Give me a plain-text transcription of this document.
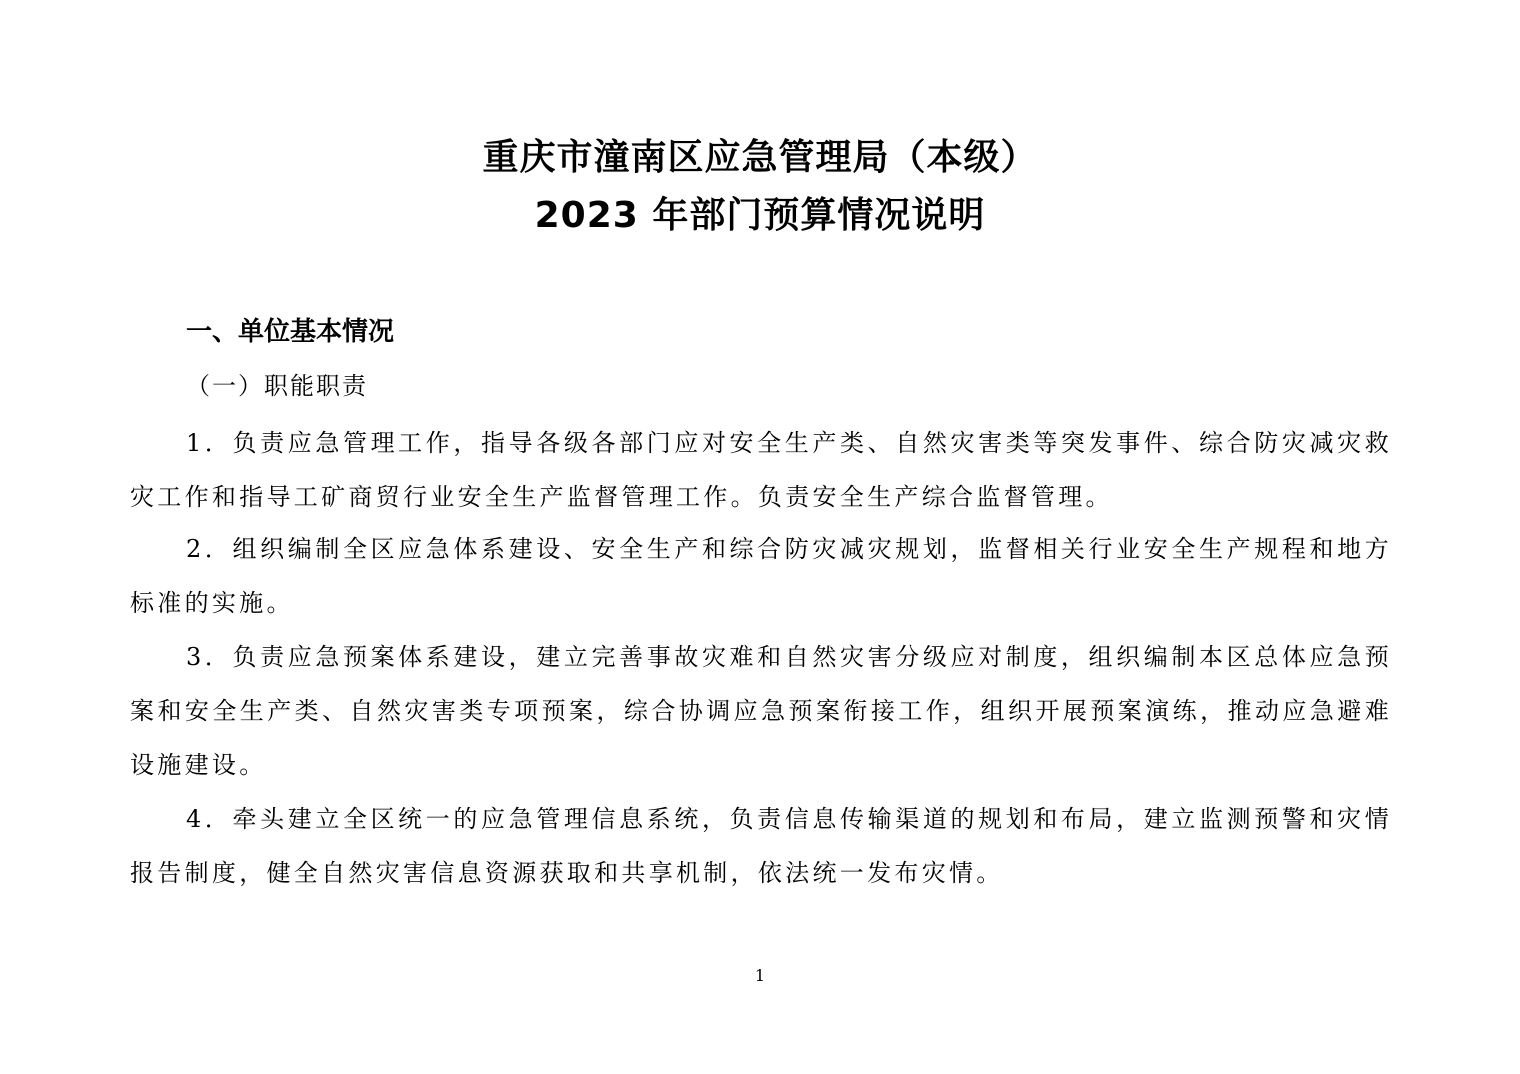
重庆市潼南区应急管理局（本级）
2023 年部门预算情况说明
一、单位基本情况
（一）职能职责

1．负责应急管理工作，指导各级各部门应对安全生产类、自然灾害类等突发事件、综合防灾减灾救灾工作和指导工矿商贸行业安全生产监督管理工作。负责安全生产综合监督管理。

2．组织编制全区应急体系建设、安全生产和综合防灾减灾规划，监督相关行业安全生产规程和地方标准的实施。

3．负责应急预案体系建设，建立完善事故灾难和自然灾害分级应对制度，组织编制本区总体应急预案和安全生产类、自然灾害类专项预案，综合协调应急预案衔接工作，组织开展预案演练，推动应急避难设施建设。

4．牵头建立全区统一的应急管理信息系统，负责信息传输渠道的规划和布局，建立监测预警和灾情报告制度，健全自然灾害信息资源获取和共享机制，依法统一发布灾情。

1
